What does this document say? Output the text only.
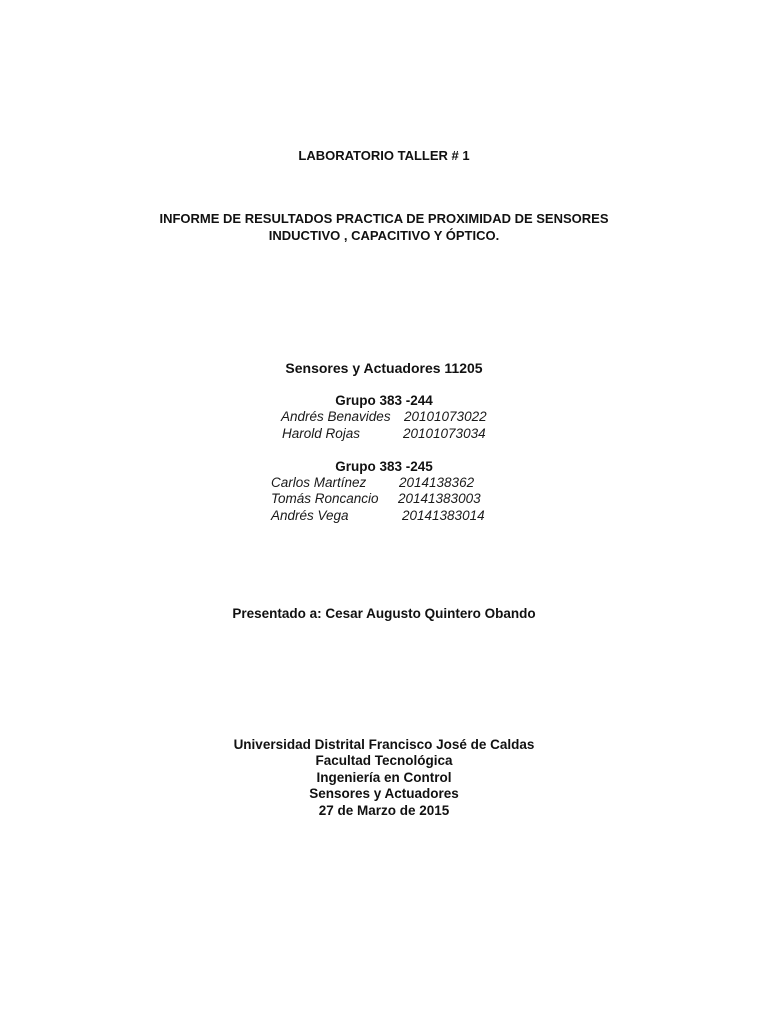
LABORATORIO TALLER # 1
INFORME DE RESULTADOS PRACTICA DE PROXIMIDAD DE SENSORES
INDUCTIVO , CAPACITIVO Y ÓPTICO.
Sensores y Actuadores 11205
Grupo 383 -244
Andrés Benavides 20101073022
Harold Rojas	20101073034
Grupo 383 -245
Carlos Martínez 2014138362
Tomás Roncancio 20141383003
Andrés Vega	20141383014
Presentado a: Cesar Augusto Quintero Obando
Universidad Distrital Francisco José de Caldas
Facultad Tecnológica
Ingeniería en Control
Sensores y Actuadores
27 de Marzo de 2015
